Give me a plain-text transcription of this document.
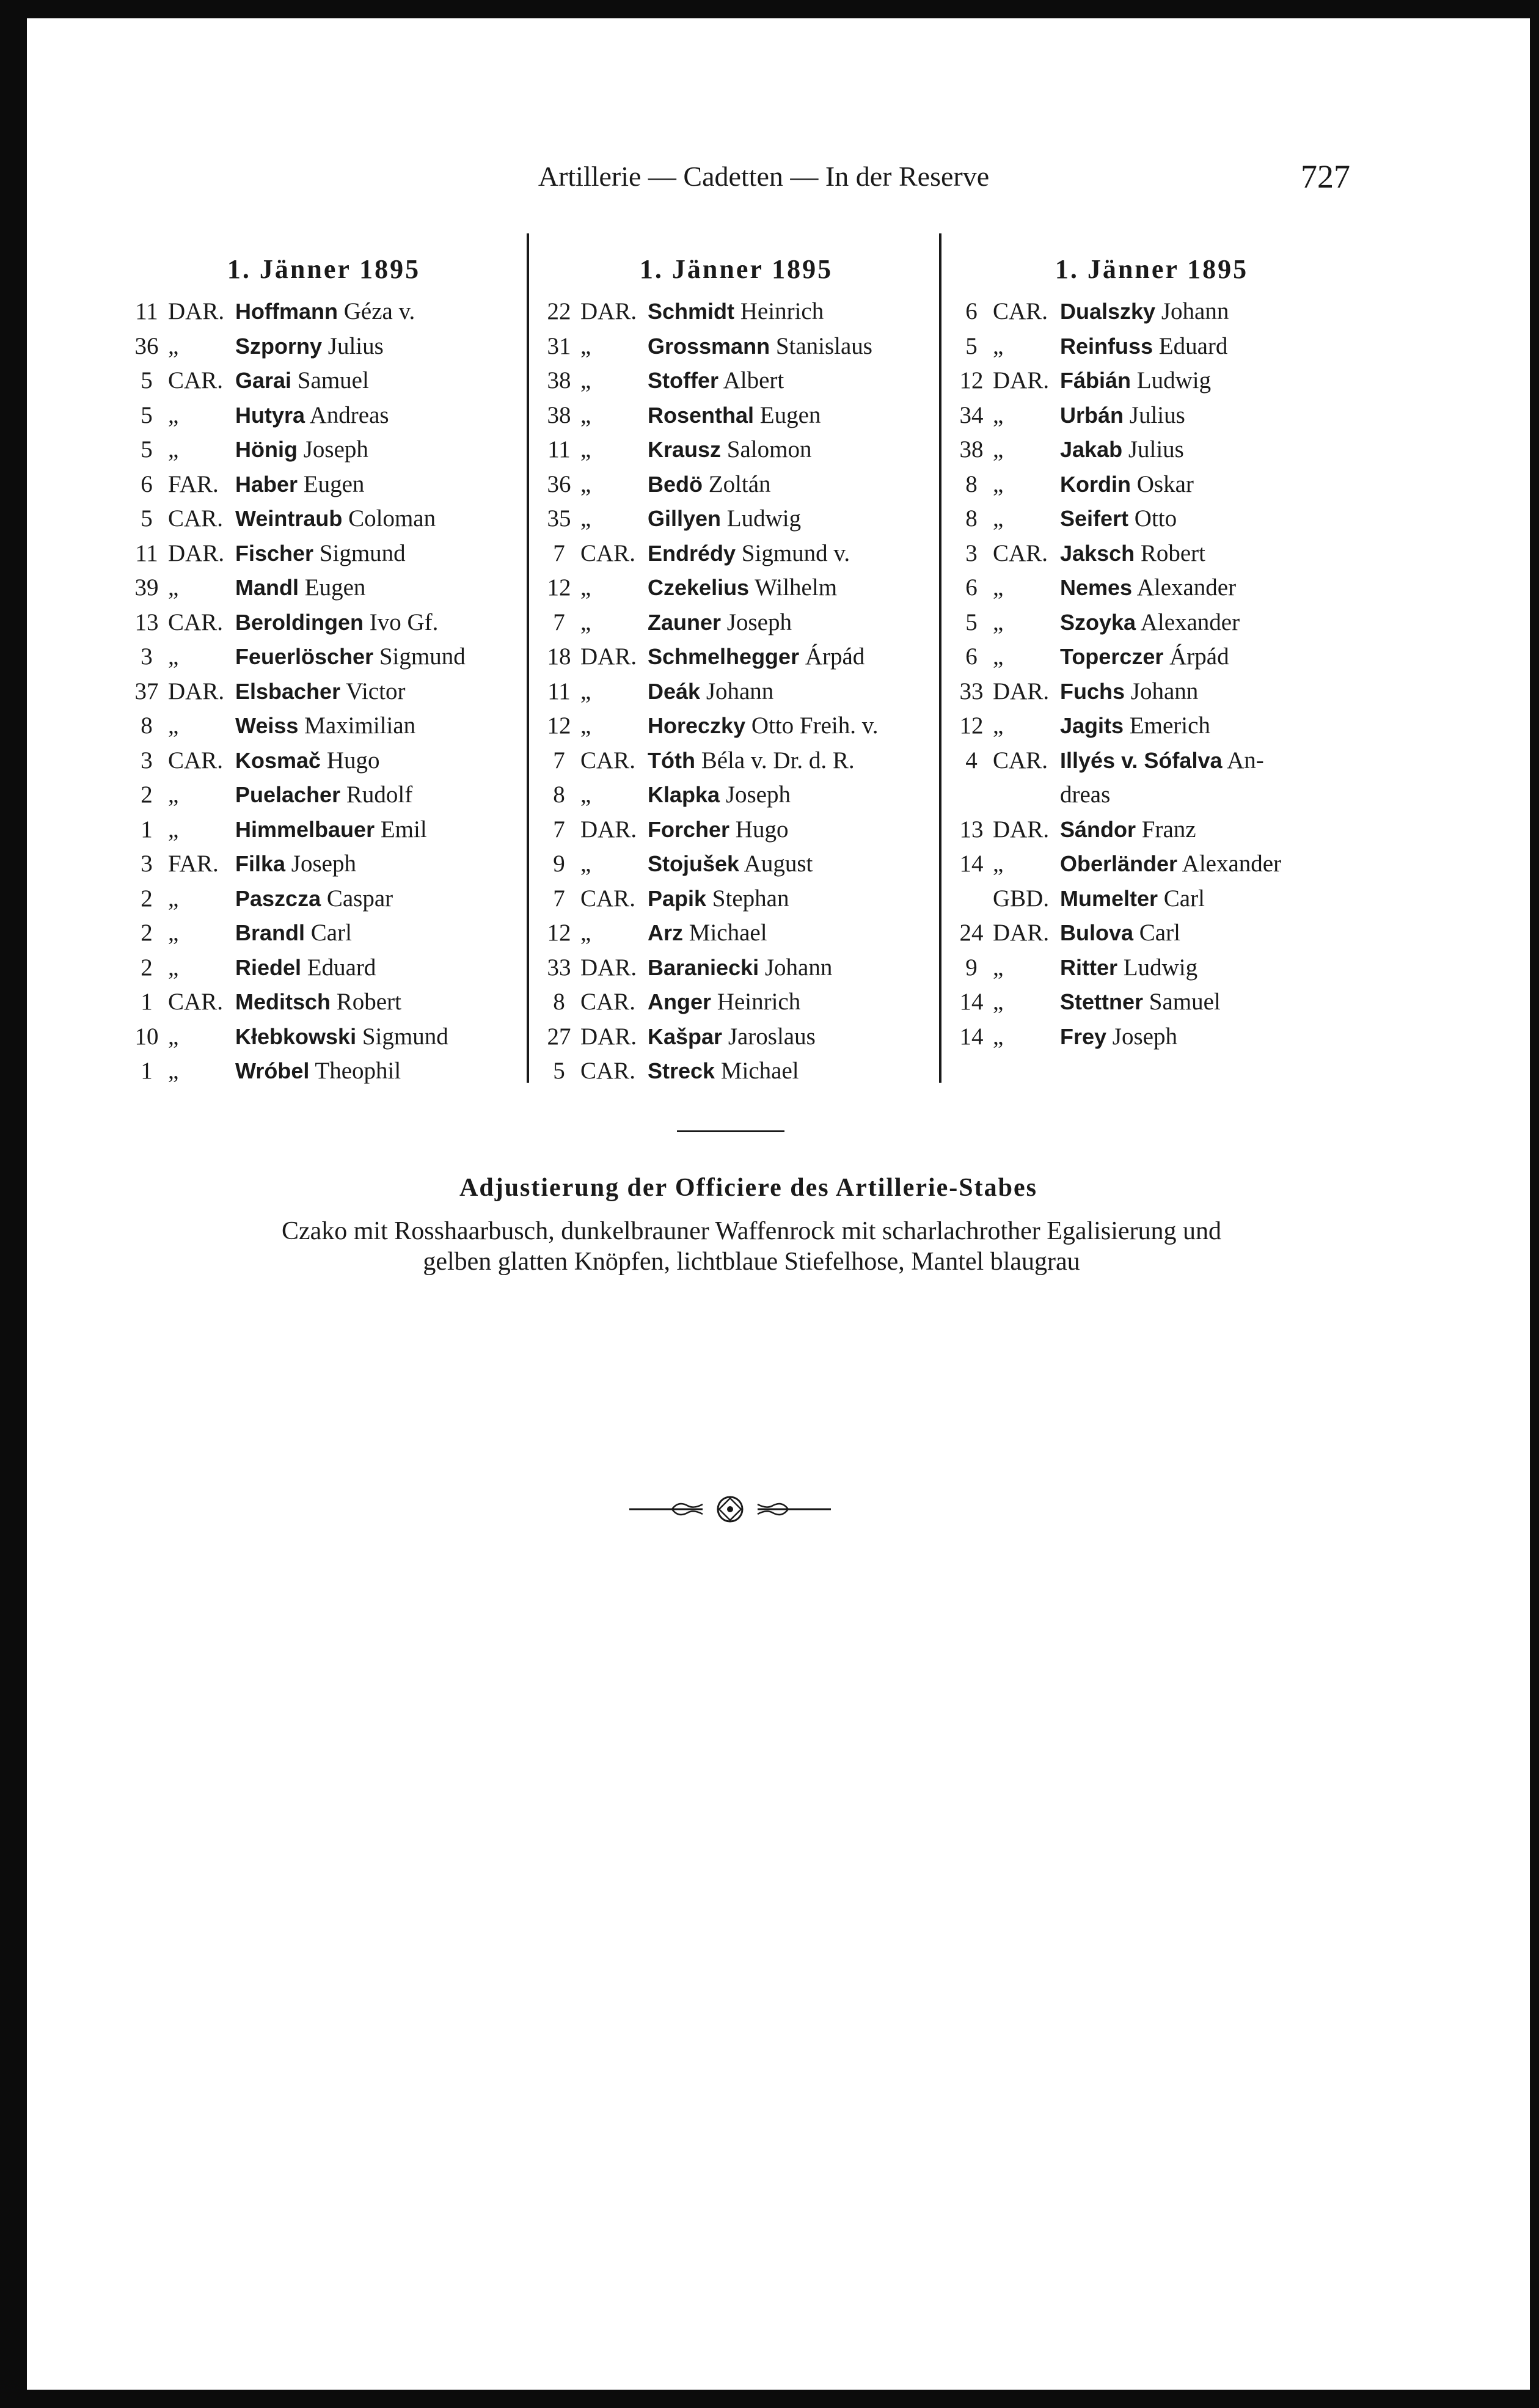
Artillerie — Cadetten — In der Reserve	727
1. Jänner 1895
11 DAR. Hoffmann Géza v.
36 „	Szporny Julius
5 CAR. Garai Samuel
5 „	Hutyra Andreas
5 „	Hönig Joseph
6 FAR. Haber Eugen
5 CAR. Weintraub Coloman
11 DAR. Fischer Sigmund
39 „	Mandl Eugen
13 CAR. Beroldingen Ivo Gf.
3 „	Feuerlöscher Sigmund
37 DAR. Elsbacher Victor
8 „	Weiss Maximilian
3 CAR. Kosmač Hugo
2 „	Puelacher Rudolf
1 „	Himmelbauer Emil
3 FAR. Filka Joseph
2 „	Paszcza Caspar
2 „	Brandl Carl
2 „	Riedel Eduard
1 CAR. Meditsch Robert
10 „	Kłebkowski Sigmund
1 „	Wróbel Theophil
1. Jänner 1895
22 DAR. Schmidt Heinrich
31 „	Grossmann Stanislaus
38 „	Stoffer Albert
38 „	Rosenthal Eugen
11 „	Krausz Salomon
36 „	Bedö Zoltán
35 „	Gillyen Ludwig
7 CAR. Endrédy Sigmund v.
12 „	Czekelius Wilhelm
7 „	Zauner Joseph
18 DAR. Schmelhegger Árpád
11 „	Deák Johann
12 „	Horeczky Otto Freih. v.
7 CAR. Tóth Béla v. Dr. d. R.
8 „	Klapka Joseph
7 DAR. Forcher Hugo
9 „	Stojušek August
7 CAR. Papik Stephan
12 „	Arz Michael
33 DAR. Baraniecki Johann
8 CAR. Anger Heinrich
27 DAR. Kašpar Jaroslaus
5 CAR. Streck Michael
1. Jänner 1895
6 CAR. Dualszky Johann
5 „	Reinfuss Eduard
12 DAR. Fábián Ludwig
34 „	Urbán Julius
38 „	Jakab Julius
8 „	Kordin Oskar
8 „	Seifert Otto
3 CAR. Jaksch Robert
6 „	Nemes Alexander
5 „	Szoyka Alexander
6 „	Toperczer Árpád
33 DAR. Fuchs Johann
12 „	Jagits Emerich
4 CAR. Illyés v. Sófalva An-
dreas
13 DAR. Sándor Franz
14 „	Oberländer Alexander
GBD. Mumelter Carl
24 DAR. Bulova Carl
9 „	Ritter Ludwig
14 „	Stettner Samuel
14 „	Frey Joseph
Adjustierung der Officiere des Artillerie-Stabes
Czako mit Rosshaarbusch, dunkelbrauner Waffenrock mit scharlachrother Egalisierung und
gelben glatten Knöpfen, lichtblaue Stiefelhose, Mantel blaugrau
